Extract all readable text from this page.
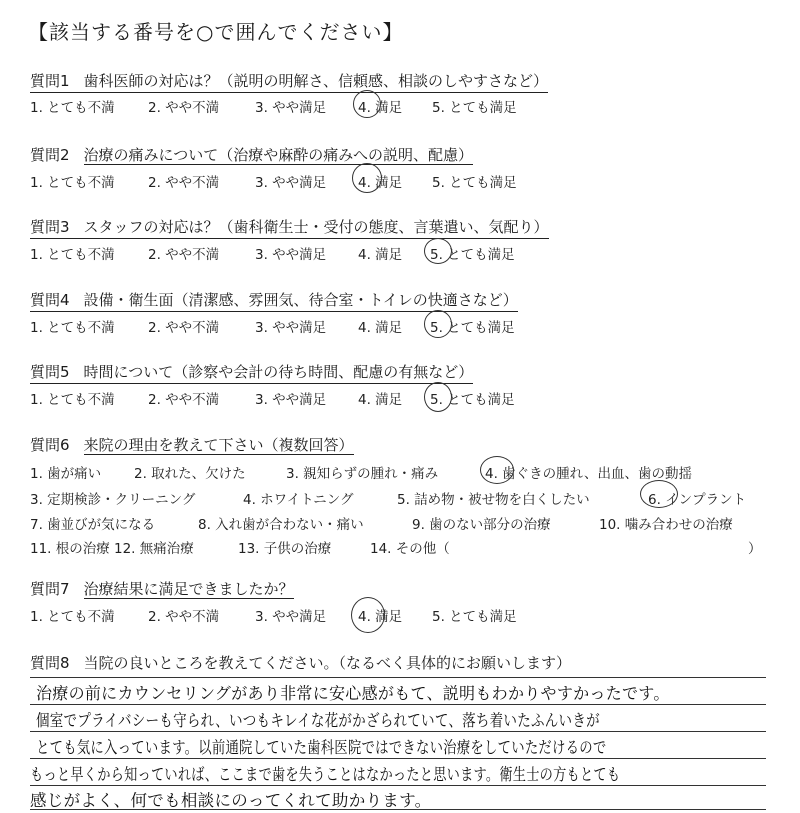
【該当する番号を○で囲んでください】
質問1 歯科医師の対応は？（説明の明解さ、信頼感、相談のしやすさなど）
1. とても不満 2. やや不満	3. やや満足 4. 満足 5. とても満足
質問2 治療の痛みについて（治療や麻酔の痛みへの説明、配慮）
1. とても不満 2. やや不満	3. やや満足 4. 満足 5. とても満足
質問3 スタッフの対応は？（歯科衛生士・受付の態度、言葉遣い、気配り）
1. とても不満 2. やや不満	3. やや満足 4. 満足 5. とても満足
質問4 設備・衛生面（清潔感、雰囲気、待合室・トイレの快適さなど）
1. とても不満 2. やや不満	3. やや満足 4. 満足 5. とても満足
質問5 時間について（診察や会計の待ち時間、配慮の有無など）
1. とても不満 2. やや不満	3. やや満足 4. 満足 5. とても満足
質問6 来院の理由を教えて下さい（複数回答）
1. 歯が痛い 2. 取れた、欠けた	3. 親知らずの腫れ・痛み	4. 歯ぐきの腫れ、出血、歯の動揺
3. 定期検診・クリーニング	4. ホワイトニング	5. 詰め物・被せ物を白くしたい	6. インプラント
7. 歯並びが気になる	8. 入れ歯が合わない・痛い	9. 歯のない部分の治療	10. 噛み合わせの治療
11. 根の治療 12. 無痛治療	13. 子供の治療	14. その他（	）
質問7 治療結果に満足できましたか？
1. とても不満 2. やや不満	3. やや満足 4. 満足 5. とても満足
質問8 当院の良いところを教えてください。（なるべく具体的にお願いします）
治療の前にカウンセリングがあり非常に安心感がもて、説明もわかりやすかったです。
個室でプライバシーも守られ、いつもキレイな花がかざられていて、落ち着いたふんいきが
とても気に入っています。以前通院していた歯科医院ではできない治療をしていただけるので
もっと早くから知っていれば、ここまで歯を失うことはなかったと思います。衛生士の方もとても
感じがよく、何でも相談にのってくれて助かります。
